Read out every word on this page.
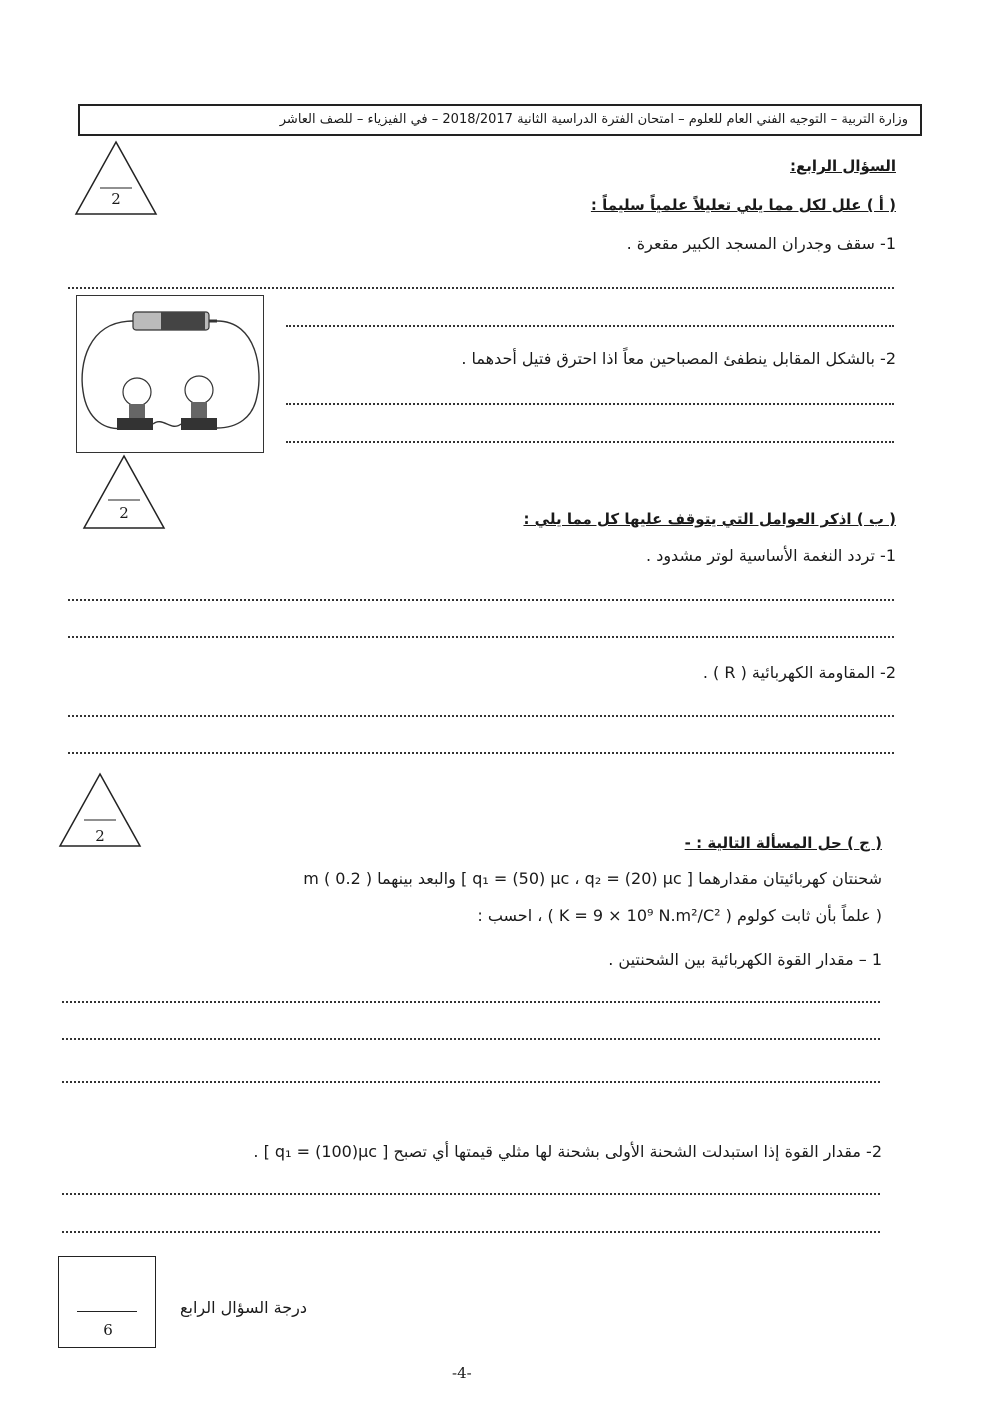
وزارة التربية – التوجيه الفني العام للعلوم – امتحان الفترة الدراسية الثانية 2018/2017 – في الفيزياء – للصف العاشر
السؤال الرابع:
2	( أ ) علل لكل مما يلي تعليلاً علمياً سليماً :
1- سقف وجدران المسجد الكبير مقعرة .
2- بالشكل المقابل ينطفئ المصباحين معاً اذا احترق فتيل أحدهما .
2	( ب ) اذكر العوامل التي يتوقف عليها كل مما يلي :
1- تردد النغمة الأساسية لوتر مشدود .
2- المقاومة الكهربائية ( R ) .
2	( ج ) حل المسألة التالية : -
شحنتان كهربائيتان مقدارهما [ q₁ = (50) μc ، q₂ = (20) μc ] والبعد بينهما ( 0.2 ) m
( علماً بأن ثابت كولوم ( K = 9 × 10⁹ N.m²/C² ) ، احسب :
1 – مقدار القوة الكهربائية بين الشحنتين .
2- مقدار القوة إذا استبدلت الشحنة الأولى بشحنة لها مثلي قيمتها أي تصبح [ q₁ = (100)μc ] .
6
درجة السؤال الرابع
-4-
